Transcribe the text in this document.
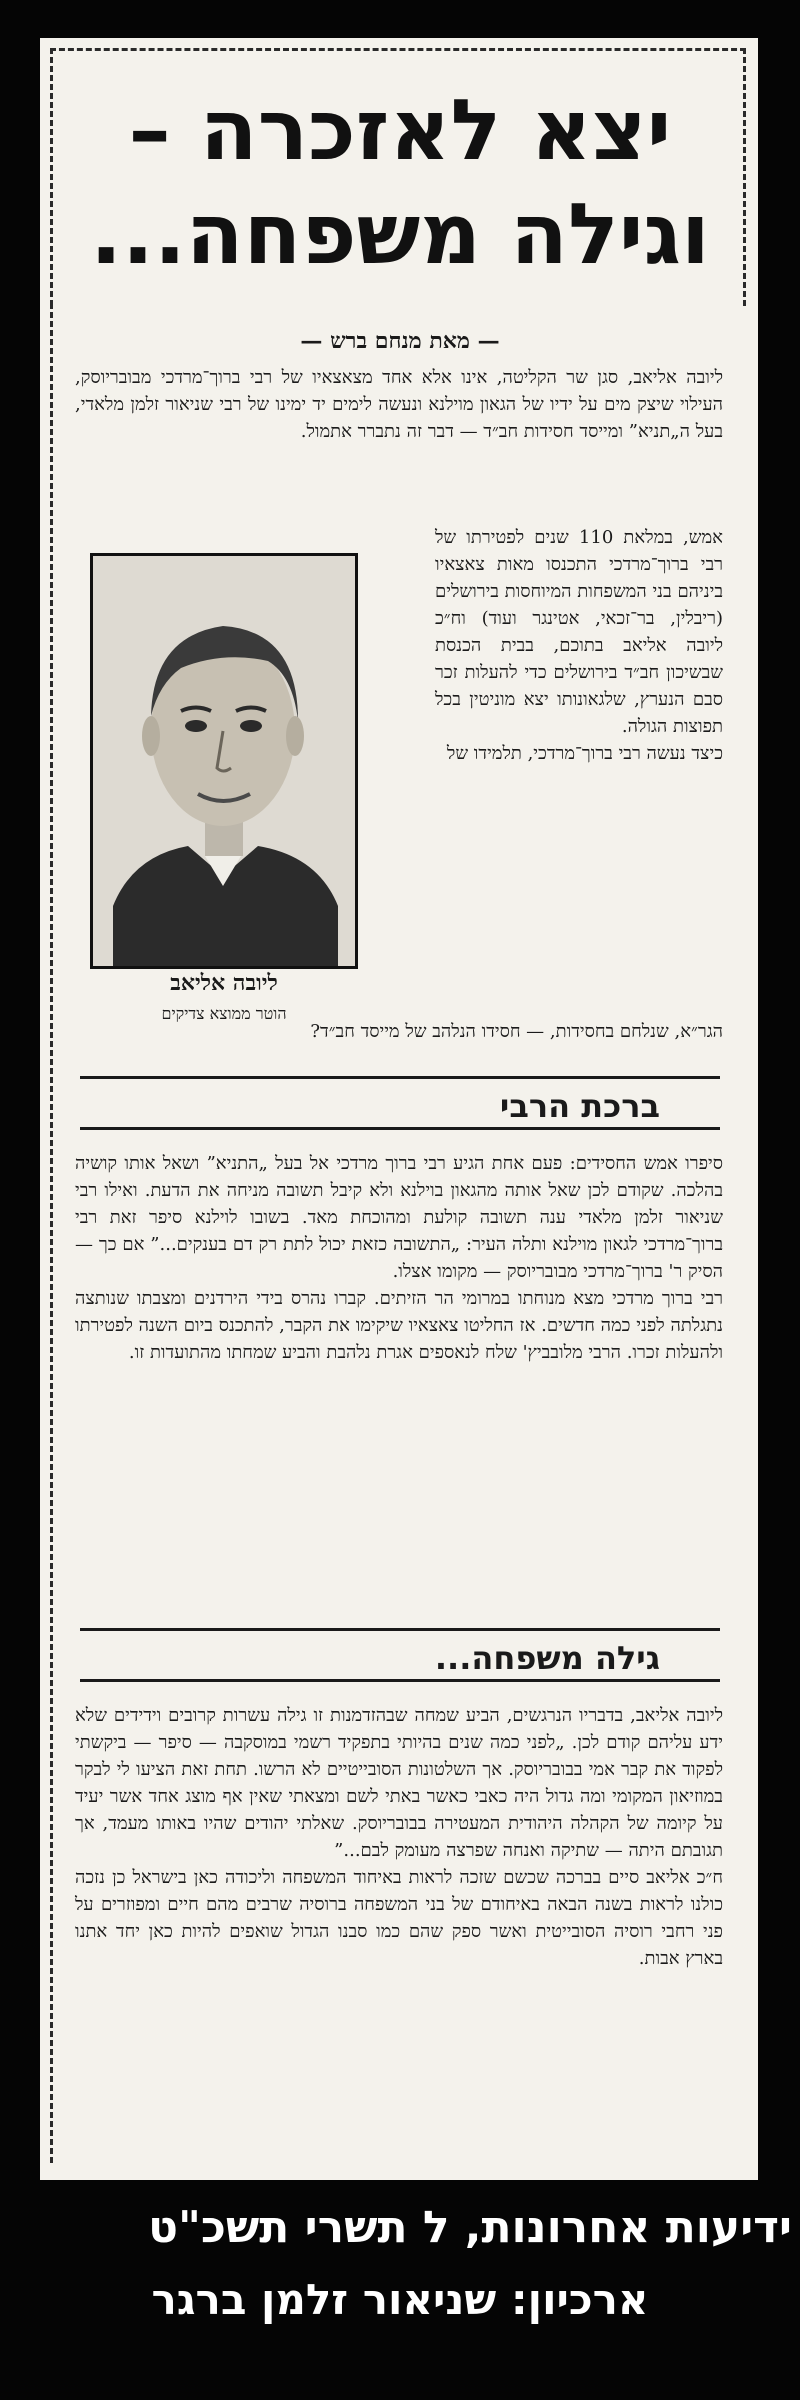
יצא לאזכרה –
וגילה משפחה...
— מאת מנחם ברש —

ליובה אליאב, סגן שר הקליטה, אינו אלא אחד מצאצאיו של רבי ברוך־מרדכי מבובריוסק, העילוי שיצק מים על ידיו של הגאון מוילנא ונעשה לימים יד ימינו של רבי שניאור זלמן מלאדי, בעל ה„תניא” ומייסד חסידות חב״ד — דבר זה נתברר אתמול.

אמש, במלאת 110 שנים לפטירתו של רבי ברוך־מרדכי התכנסו מאות צאצאיו ביניהם בני המשפחות המיוחסות בירושלים (ריבלין, בר־זכאי, אטינגר ועוד) וח״כ ליובה אליאב בתוכם, בבית הכנסת שבשיכון חב״ד בירושלים כדי להעלות זכר סבם הנערץ, שלגאונותו יצא מוניטין בכל תפוצות הגולה.

כיצד נעשה רבי ברוך־מרדכי, תלמידו של

ליובה אליאב
הוטר ממוצא צדיקים

הגר״א, שנלחם בחסידות, — חסידו הנלהב של מייסד חב״ד?

ברכת הרבי

סיפרו אמש החסידים: פעם אחת הגיע רבי ברוך מרדכי אל בעל „התניא” ושאל אותו קושיה בהלכה. שקודם לכן שאל אותה מהגאון בוילנא ולא קיבל תשובה מניחה את הדעת. ואילו רבי שניאור זלמן מלאדי ענה תשובה קולעת ומהוכחת מאד. בשובו לוילנא סיפר זאת רבי ברוך־מרדכי לגאון מוילנא ותלה העיר: „התשובה כזאת יכול לתת רק דם בענקים...” אם כך — הסיק ר' ברוך־מרדכי מבובריוסק — מקומו אצלו.

רבי ברוך מרדכי מצא מנוחתו במרומי הר הזיתים. קברו נהרס בידי הירדנים ומצבתו שנותצה נתגלתה לפני כמה חדשים. אז החליטו צאצאיו שיקימו את הקבר, להתכנס ביום השנה לפטירתו ולהעלות זכרו. הרבי מלובביץ' שלח לנאספים אגרת נלהבת והביע שמחתו מהתועדות זו.

גילה משפחה...

ליובה אליאב, בדבריו הנרגשים, הביע שמחה שבהזדמנות זו גילה עשרות קרובים וידידים שלא ידע עליהם קודם לכן. „לפני כמה שנים בהיותי בתפקיד רשמי במוסקבה — סיפר — ביקשתי לפקוד את קבר אמי בבובריוסק. אך השלטונות הסובייטיים לא הרשו. תחת זאת הציעו לי לבקר במוזיאון המקומי ומה גדול היה כאבי כאשר באתי לשם ומצאתי שאין אף מוצג אחד אשר יעיד על קיומה של הקהלה היהודית המעטירה בבובריוסק. שאלתי יהודים שהיו באותו מעמד, אך תגובתם היתה — שתיקה ואנחה שפרצה מעומק לבם...”

ח״כ אליאב סיים בברכה שכשם שזכה לראות באיחוד המשפחה וליכודה כאן בישראל כן נזכה כולנו לראות בשנה הבאה באיחודם של בני המשפחה ברוסיה שרבים מהם חיים ומפוזרים על פני רחבי רוסיה הסובייטית ואשר ספק שהם כמו סבנו הגדול שואפים להיות כאן יחד אתנו בארץ אבות.

ידיעות אחרונות, ל תשרי תשכ"ט
ארכיון: שניאור זלמן ברגר
